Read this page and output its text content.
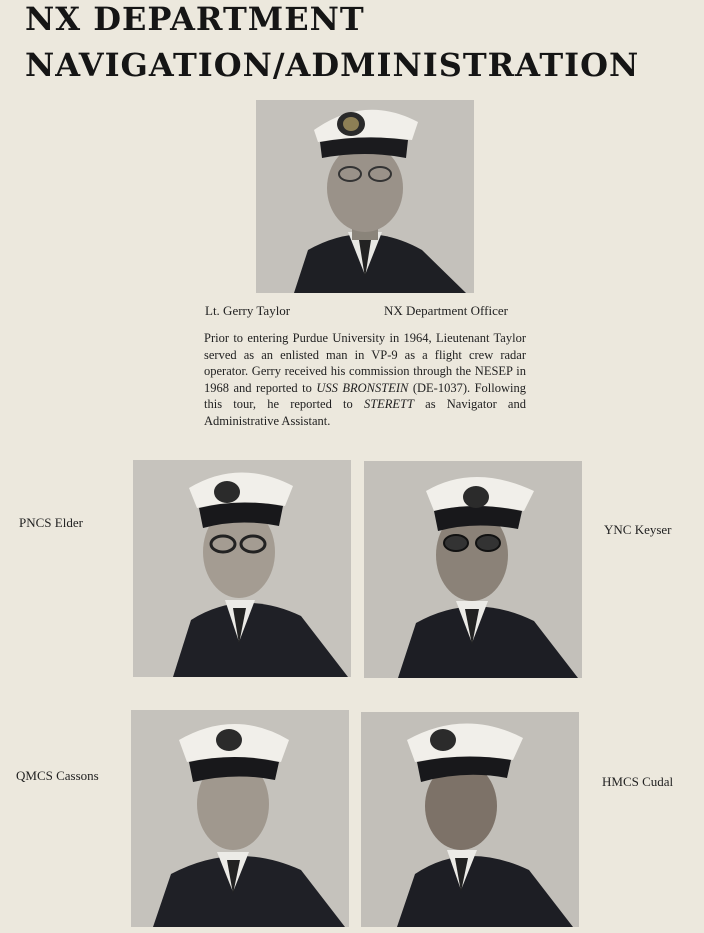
NX DEPARTMENT
NAVIGATION/ADMINISTRATION
Lt. Gerry Taylor	NX Department Officer

Prior to entering Purdue University in 1964, Lieutenant Taylor served as an enlisted man in VP-9 as a flight crew radar operator. Gerry received his commission through the NESEP in 1968 and reported to USS BRONSTEIN (DE-1037). Following this tour, he reported to STERETT as Navigator and Administrative Assistant.

PNCS Elder	YNC Keyser
QMCS Cassons	HMCS Cudal
